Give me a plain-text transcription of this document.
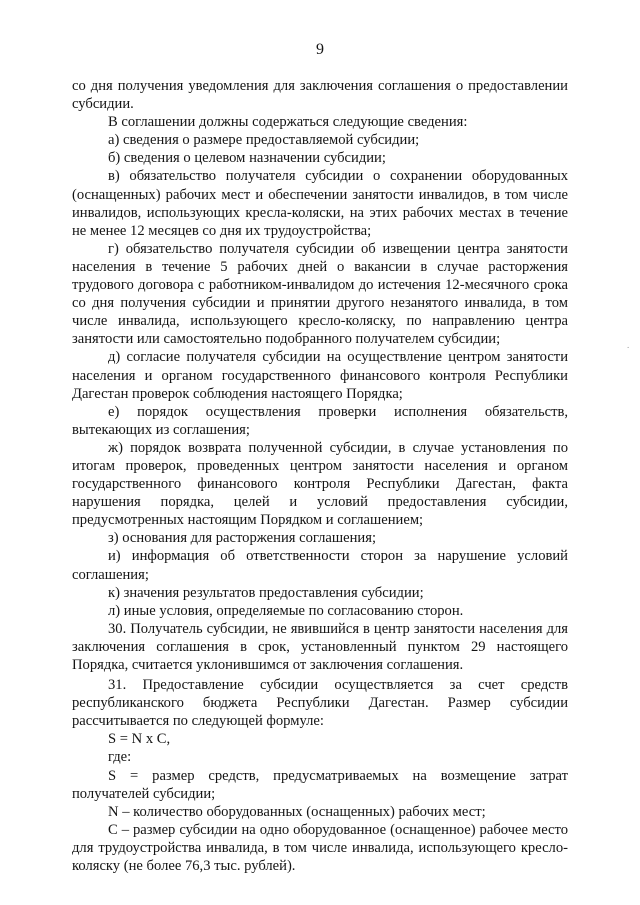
9

со дня получения уведомления для заключения соглашения о предоставлении субсидии.

В соглашении должны содержаться следующие сведения:

а) сведения о размере предоставляемой субсидии;

б) сведения о целевом назначении субсидии;

в) обязательство получателя субсидии о сохранении оборудованных (оснащенных) рабочих мест и обеспечении занятости инвалидов, в том числе инвалидов, использующих кресла-коляски, на этих рабочих местах в течение не менее 12 месяцев со дня их трудоустройства;

г) обязательство получателя субсидии об извещении центра занятости населения в течение 5 рабочих дней о вакансии в случае расторжения трудового договора с работником-инвалидом до истечения 12-месячного срока со дня получения субсидии и принятии другого незанятого инвалида, в том числе инвалида, использующего кресло-коляску, по направлению центра занятости или самостоятельно подобранного получателем субсидии;

д) согласие получателя субсидии на осуществление центром занятости населения и органом государственного финансового контроля Республики Дагестан проверок соблюдения настоящего Порядка;

е) порядок осуществления проверки исполнения обязательств, вытекающих из соглашения;

ж) порядок возврата полученной субсидии, в случае установления по итогам проверок, проведенных центром занятости населения и органом государственного финансового контроля Республики Дагестан, факта нарушения порядка, целей и условий предоставления субсидии, предусмотренных настоящим Порядком и соглашением;

з) основания для расторжения соглашения;

и) информация об ответственности сторон за нарушение условий соглашения;

к) значения результатов предоставления субсидии;

л) иные условия, определяемые по согласованию сторон.

30. Получатель субсидии, не явившийся в центр занятости населения для заключения соглашения в срок, установленный пунктом 29 настоящего Порядка, считается уклонившимся от заключения соглашения.

31. Предоставление субсидии осуществляется за счет средств республиканского бюджета Республики Дагестан. Размер субсидии рассчитывается по следующей формуле:

S = N x C,

где:

S = размер средств, предусматриваемых на возмещение затрат получателей субсидии;

N – количество оборудованных (оснащенных) рабочих мест;

С – размер субсидии на одно оборудованное (оснащенное) рабочее место для трудоустройства инвалида, в том числе инвалида, использующего кресло-коляску (не более 76,3 тыс. рублей).

.
